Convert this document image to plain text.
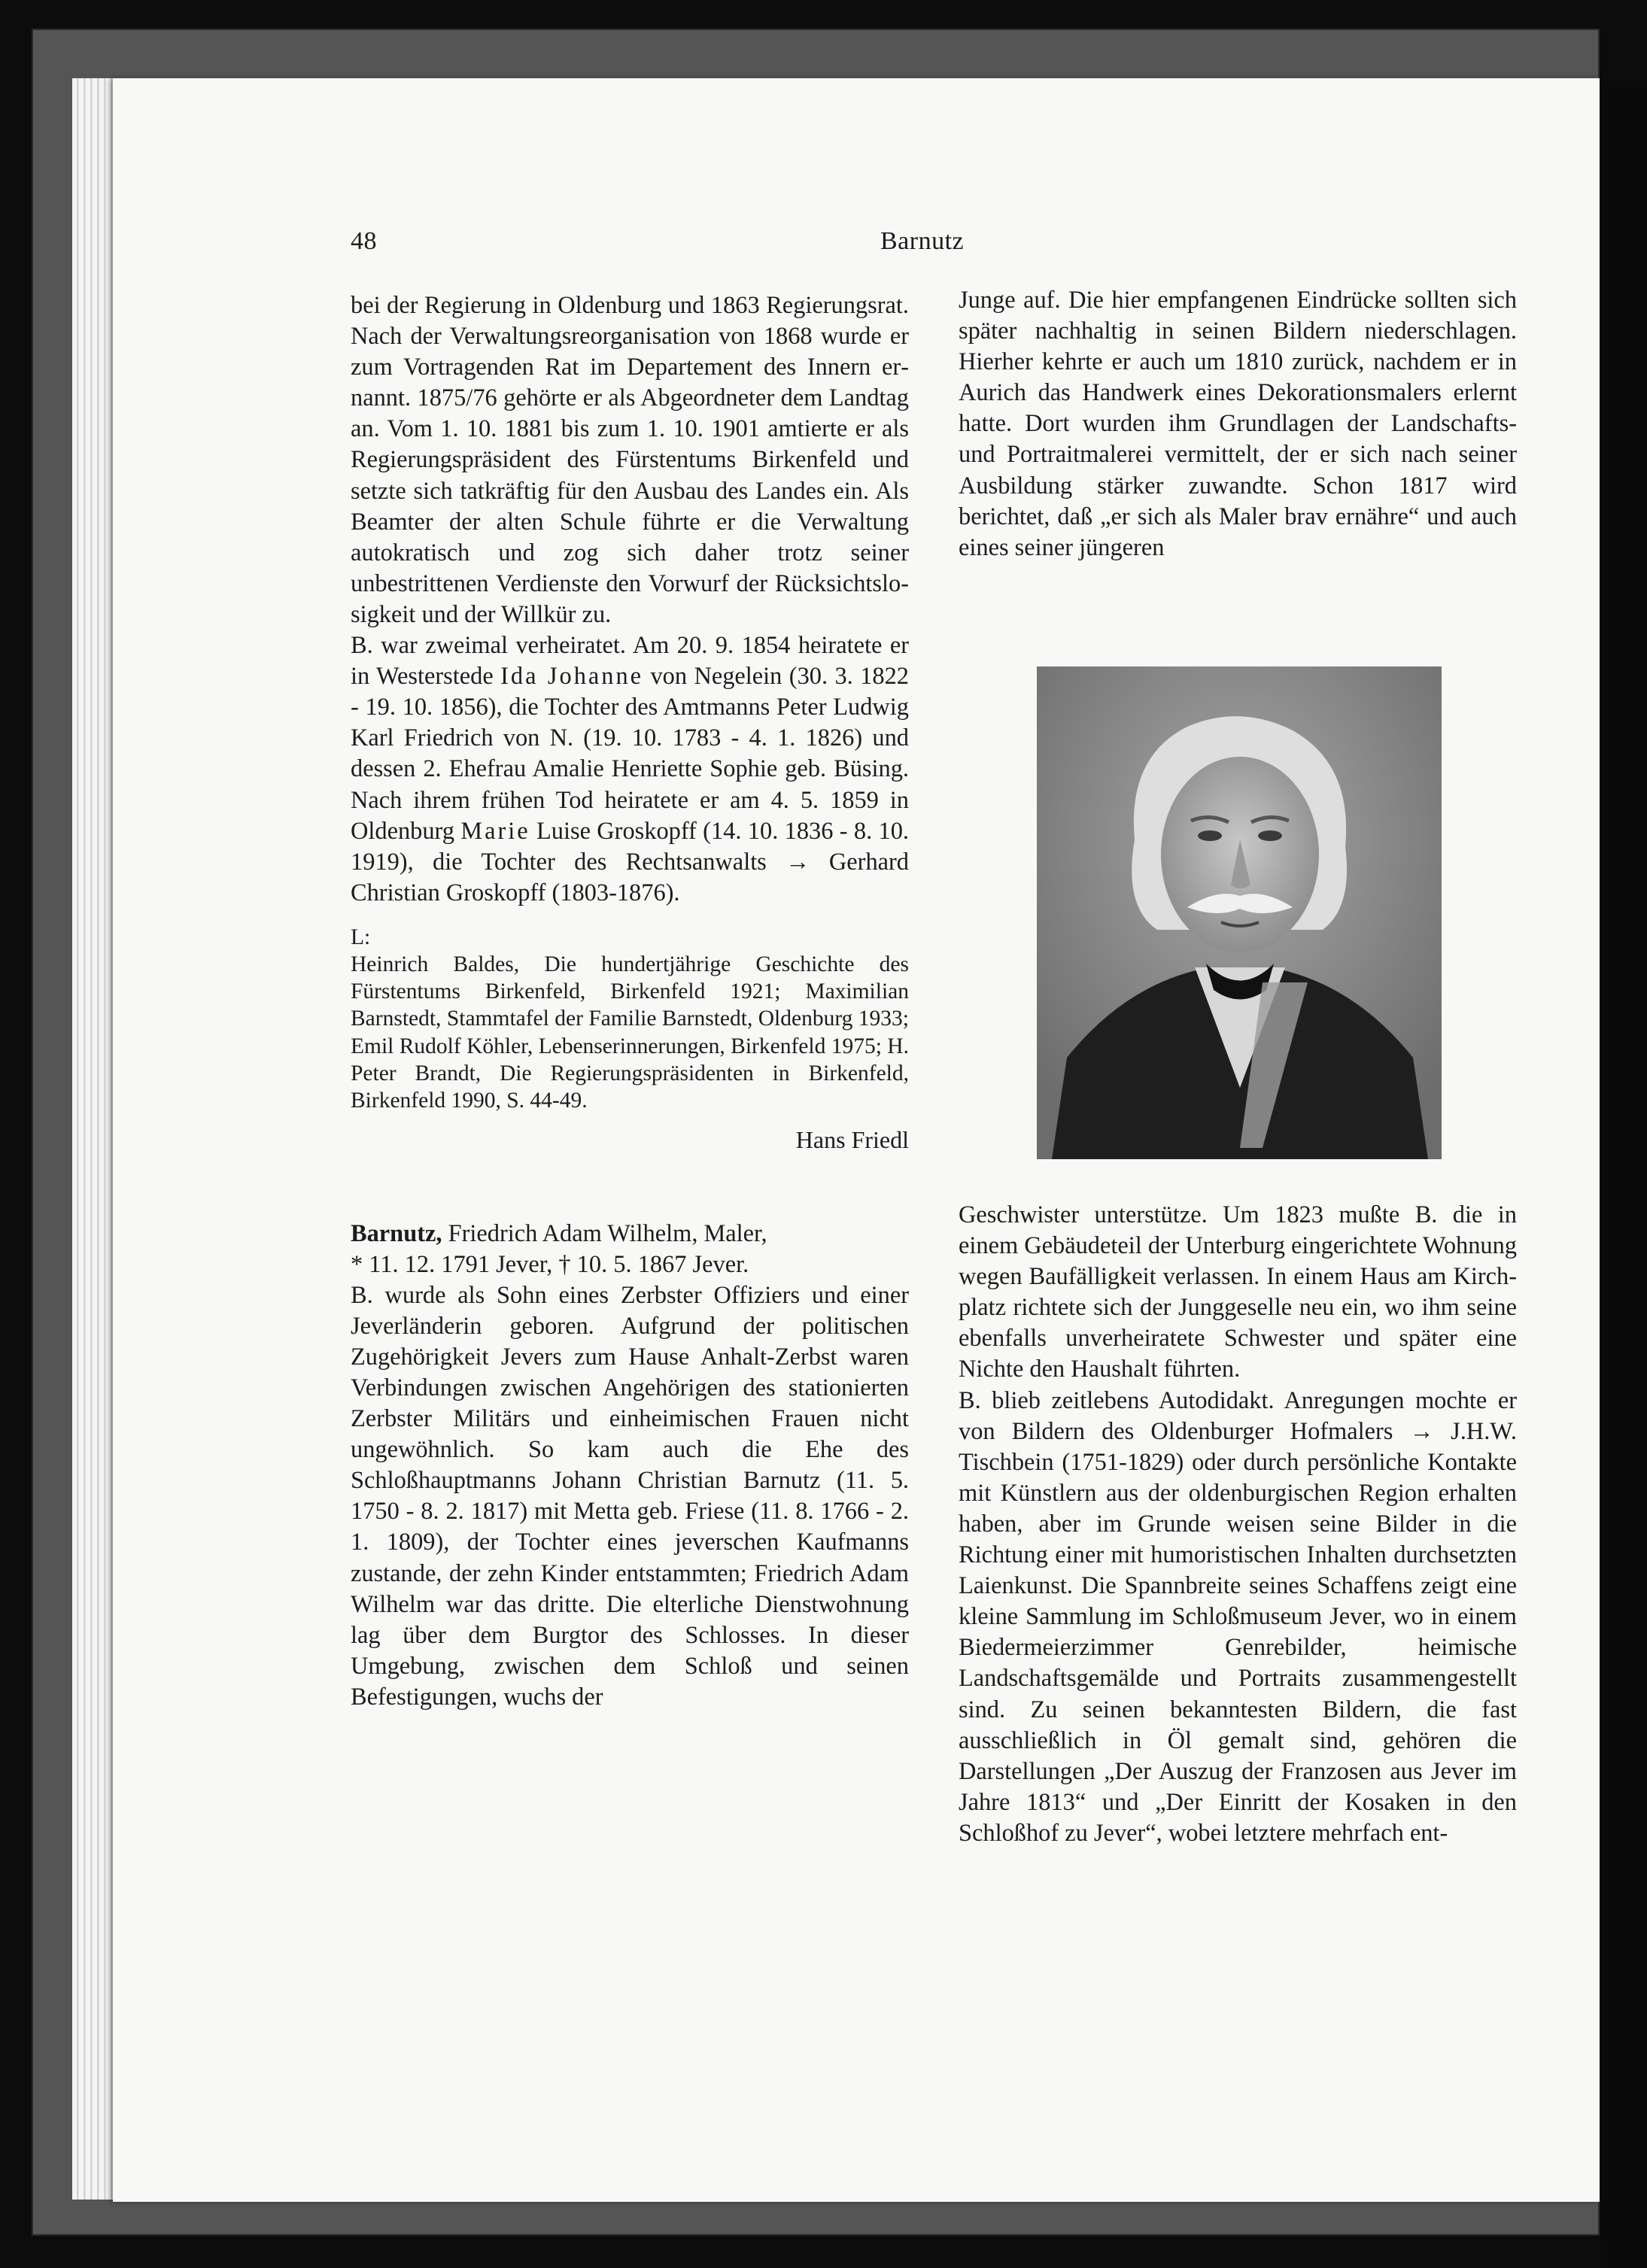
48	Barnutz

bei der Regierung in Oldenburg und 1863 Regierungsrat. Nach der Verwaltungsreorganisation von 1868 wurde er zum Vortragenden Rat im Departement des Innern ernannt. 1875/76 gehörte er als Abgeordneter dem Landtag an. Vom 1. 10. 1881 bis zum 1. 10. 1901 amtierte er als Regierungspräsident des Fürstentums Birkenfeld und setzte sich tatkräftig für den Ausbau des Landes ein. Als Beamter der alten Schule führte er die Verwaltung autokratisch und zog sich daher trotz seiner unbestrittenen Verdienste den Vorwurf der Rücksichtslosigkeit und der Willkür zu.

B. war zweimal verheiratet. Am 20. 9. 1854 heiratete er in Westerstede Ida Johanne von Negelein (30. 3. 1822 - 19. 10. 1856), die Tochter des Amtmanns Peter Ludwig Karl Friedrich von N. (19. 10. 1783 - 4. 1. 1826) und dessen 2. Ehefrau Amalie Henriette Sophie geb. Büsing. Nach ihrem frühen Tod heiratete er am 4. 5. 1859 in Oldenburg Marie Luise Groskopff (14. 10. 1836 - 8. 10. 1919), die Tochter des Rechtsanwalts → Gerhard Christian Groskopff (1803-1876).

L:

Heinrich Baldes, Die hundertjährige Geschichte des Fürstentums Birkenfeld, Birkenfeld 1921; Maximilian Barnstedt, Stammtafel der Familie Barnstedt, Oldenburg 1933; Emil Rudolf Köhler, Lebenserinnerungen, Birkenfeld 1975; H. Peter Brandt, Die Regierungspräsidenten in Birkenfeld, Birkenfeld 1990, S. 44-49.

Hans Friedl

Barnutz, Friedrich Adam Wilhelm, Maler,

* 11. 12. 1791 Jever, † 10. 5. 1867 Jever.

B. wurde als Sohn eines Zerbster Offiziers und einer Jeverländerin geboren. Aufgrund der politischen Zugehörigkeit Jevers zum Hause Anhalt-Zerbst waren Verbindungen zwischen Angehörigen des stationierten Zerbster Militärs und einheimischen Frauen nicht ungewöhnlich. So kam auch die Ehe des Schloßhauptmanns Johann Christian Barnutz (11. 5. 1750 - 8. 2. 1817) mit Metta geb. Friese (11. 8. 1766 - 2. 1. 1809), der Tochter eines jeverschen Kaufmanns zustande, der zehn Kinder entstammten; Friedrich Adam Wilhelm war das dritte. Die elterliche Dienstwohnung lag über dem Burgtor des Schlosses. In dieser Umgebung, zwischen dem Schloß und seinen Befestigungen, wuchs der

Junge auf. Die hier empfangenen Eindrücke sollten sich später nachhaltig in seinen Bildern niederschlagen. Hierher kehrte er auch um 1810 zurück, nachdem er in Aurich das Handwerk eines Dekorationsmalers erlernt hatte. Dort wurden ihm Grundlagen der Landschafts- und Portraitmalerei vermittelt, der er sich nach seiner Ausbildung stärker zuwandte. Schon 1817 wird berichtet, daß „er sich als Maler brav ernähre“ und auch eines seiner jüngeren

Geschwister unterstütze. Um 1823 mußte B. die in einem Gebäudeteil der Unterburg eingerichtete Wohnung wegen Baufälligkeit verlassen. In einem Haus am Kirchplatz richtete sich der Junggeselle neu ein, wo ihm seine ebenfalls unverheiratete Schwester und später eine Nichte den Haushalt führten.

B. blieb zeitlebens Autodidakt. Anregungen mochte er von Bildern des Oldenburger Hofmalers → J.H.W. Tischbein (1751-1829) oder durch persönliche Kontakte mit Künstlern aus der oldenburgischen Region erhalten haben, aber im Grunde weisen seine Bilder in die Richtung einer mit humoristischen Inhalten durchsetzten Laienkunst. Die Spannbreite seines Schaffens zeigt eine kleine Sammlung im Schloßmuseum Jever, wo in einem Biedermeierzimmer Genrebilder, heimische Landschaftsgemälde und Portraits zusammengestellt sind. Zu seinen bekanntesten Bildern, die fast ausschließlich in Öl gemalt sind, gehören die Darstellungen „Der Auszug der Franzosen aus Jever im Jahre 1813“ und „Der Einritt der Kosaken in den Schloßhof zu Jever“, wobei letztere mehrfach ent-
